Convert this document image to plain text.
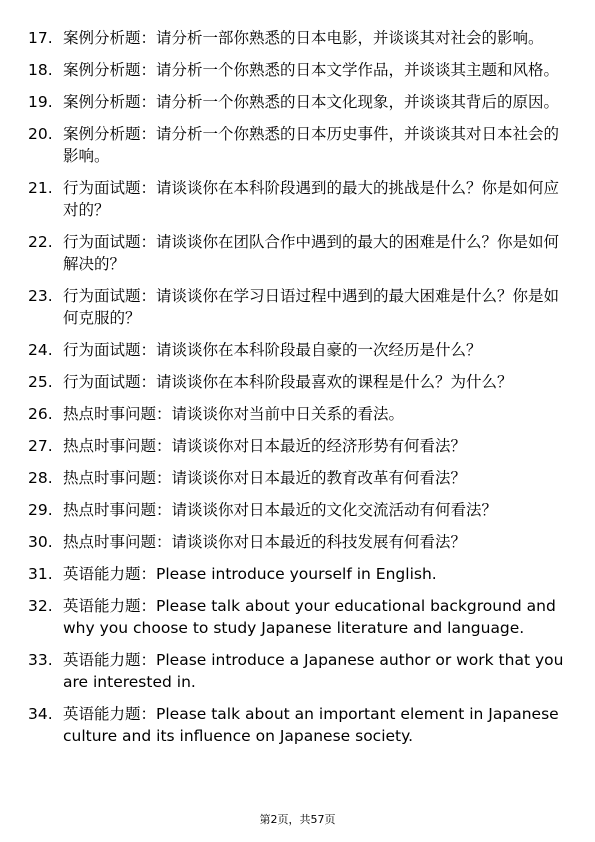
17. 案例分析题：请分析一部你熟悉的日本电影，并谈谈其对社会的影响。
18. 案例分析题：请分析一个你熟悉的日本文学作品，并谈谈其主题和风格。
19. 案例分析题：请分析一个你熟悉的日本文化现象，并谈谈其背后的原因。
20. 案例分析题：请分析一个你熟悉的日本历史事件，并谈谈其对日本社会的影响。
21. 行为面试题：请谈谈你在本科阶段遇到的最大的挑战是什么？你是如何应对的？
22. 行为面试题：请谈谈你在团队合作中遇到的最大的困难是什么？你是如何解决的？
23. 行为面试题：请谈谈你在学习日语过程中遇到的最大困难是什么？你是如何克服的？
24. 行为面试题：请谈谈你在本科阶段最自豪的一次经历是什么？
25. 行为面试题：请谈谈你在本科阶段最喜欢的课程是什么？为什么？
26. 热点时事问题：请谈谈你对当前中日关系的看法。
27. 热点时事问题：请谈谈你对日本最近的经济形势有何看法？
28. 热点时事问题：请谈谈你对日本最近的教育改革有何看法？
29. 热点时事问题：请谈谈你对日本最近的文化交流活动有何看法？
30. 热点时事问题：请谈谈你对日本最近的科技发展有何看法？
31. 英语能力题：Please introduce yourself in English.
32. 英语能力题：Please talk about your educational background and why you choose to study Japanese literature and language.
33. 英语能力题：Please introduce a Japanese author or work that you are interested in.
34. 英语能力题：Please talk about an important element in Japanese culture and its influence on Japanese society.
第2页，共57页
